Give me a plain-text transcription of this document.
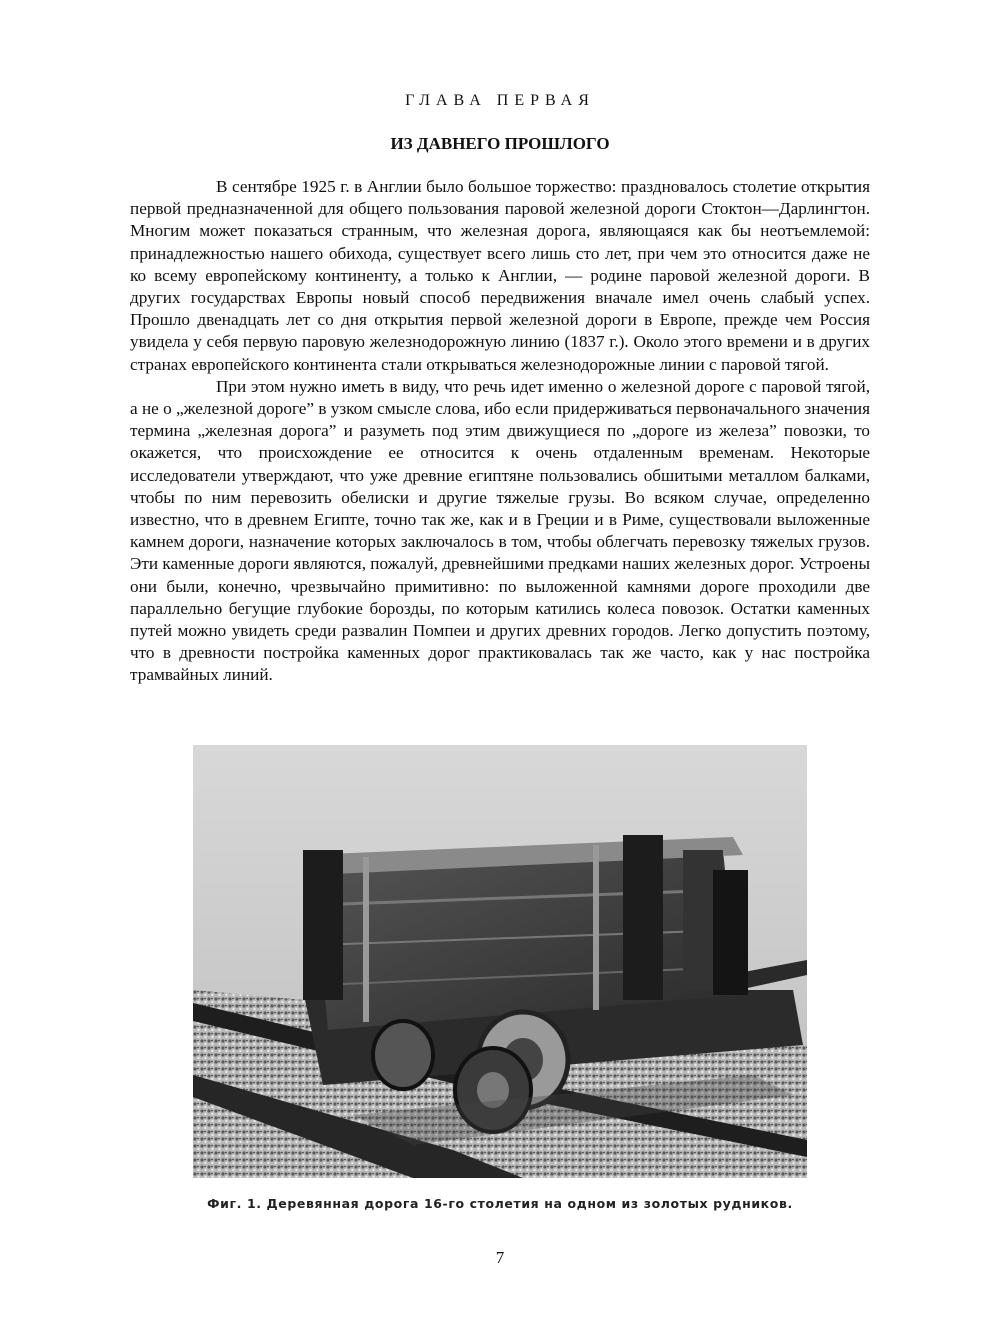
ГЛАВА ПЕРВАЯ
ИЗ ДАВНЕГО ПРОШЛОГО

В сентябре 1925 г. в Англии было большое торжество: праздновалось столетие открытия первой предназначенной для общего пользования паровой железной дороги Стоктон—Дарлингтон. Многим может показаться странным, что железная дорога, являющаяся как бы неотъемлемой: принадлежностью нашего обихода, существует всего лишь сто лет, при чем это относится даже не ко всему европейскому континенту, а только к Англии, — родине паровой железной дороги. В других государствах Европы новый способ передвижения вначале имел очень слабый успех. Прошло двенадцать лет со дня открытия первой железной дороги в Европе, прежде чем Россия увидела у себя первую паровую железнодорожную линию (1837 г.). Около этого времени и в других странах европейского континента стали открываться железнодорожные линии с паровой тягой.

При этом нужно иметь в виду, что речь идет именно о железной дороге с паровой тягой, а не о „железной дороге” в узком смысле слова, ибо если придерживаться первоначального значения термина „железная дорога” и разуметь под этим движущиеся по „дороге из железа” повозки, то окажется, что происхождение ее относится к очень отдаленным временам. Некоторые исследователи утверждают, что уже древние египтяне пользовались обшитыми металлом балками, чтобы по ним перевозить обелиски и другие тяжелые грузы. Во всяком случае, определенно известно, что в древнем Египте, точно так же, как и в Греции и в Риме, существовали выложенные камнем дороги, назначение которых заключалось в том, чтобы облегчать перевозку тяжелых грузов. Эти каменные дороги являются, пожалуй, древнейшими предками наших железных дорог. Устроены они были, конечно, чрезвычайно примитивно: по выложенной камнями дороге проходили две параллельно бегущие глубокие борозды, по которым катились колеса повозок. Остатки каменных путей можно увидеть среди развалин Помпеи и других древних городов. Легко допустить поэтому, что в древности постройка каменных дорог практиковалась так же часто, как у нас постройка трамвайных линий.

Фиг. 1. Деревянная дорога 16-го столетия на одном из золотых рудников.
7
